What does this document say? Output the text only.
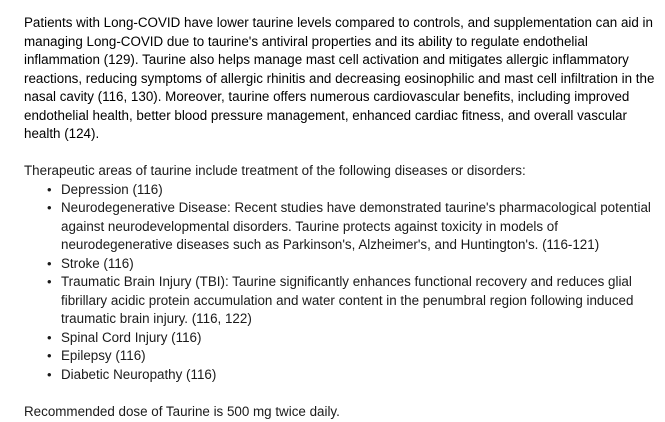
Patients with Long-COVID have lower taurine levels compared to controls, and supplementation can aid in managing Long-COVID due to taurine's antiviral properties and its ability to regulate endothelial inflammation (129). Taurine also helps manage mast cell activation and mitigates allergic inflammatory reactions, reducing symptoms of allergic rhinitis and decreasing eosinophilic and mast cell infiltration in the nasal cavity (116, 130). Moreover, taurine offers numerous cardiovascular benefits, including improved endothelial health, better blood pressure management, enhanced cardiac fitness, and overall vascular health (124).

Therapeutic areas of taurine include treatment of the following diseases or disorders:

• Depression (116)
• Neurodegenerative Disease: Recent studies have demonstrated taurine's pharmacological potential against neurodevelopmental disorders. Taurine protects against toxicity in models of neurodegenerative diseases such as Parkinson's, Alzheimer's, and Huntington's. (116-121)
• Stroke (116)
• Traumatic Brain Injury (TBI): Taurine significantly enhances functional recovery and reduces glial fibrillary acidic protein accumulation and water content in the penumbral region following induced traumatic brain injury. (116, 122)
• Spinal Cord Injury (116)
• Epilepsy (116)
• Diabetic Neuropathy (116)

Recommended dose of Taurine is 500 mg twice daily.
